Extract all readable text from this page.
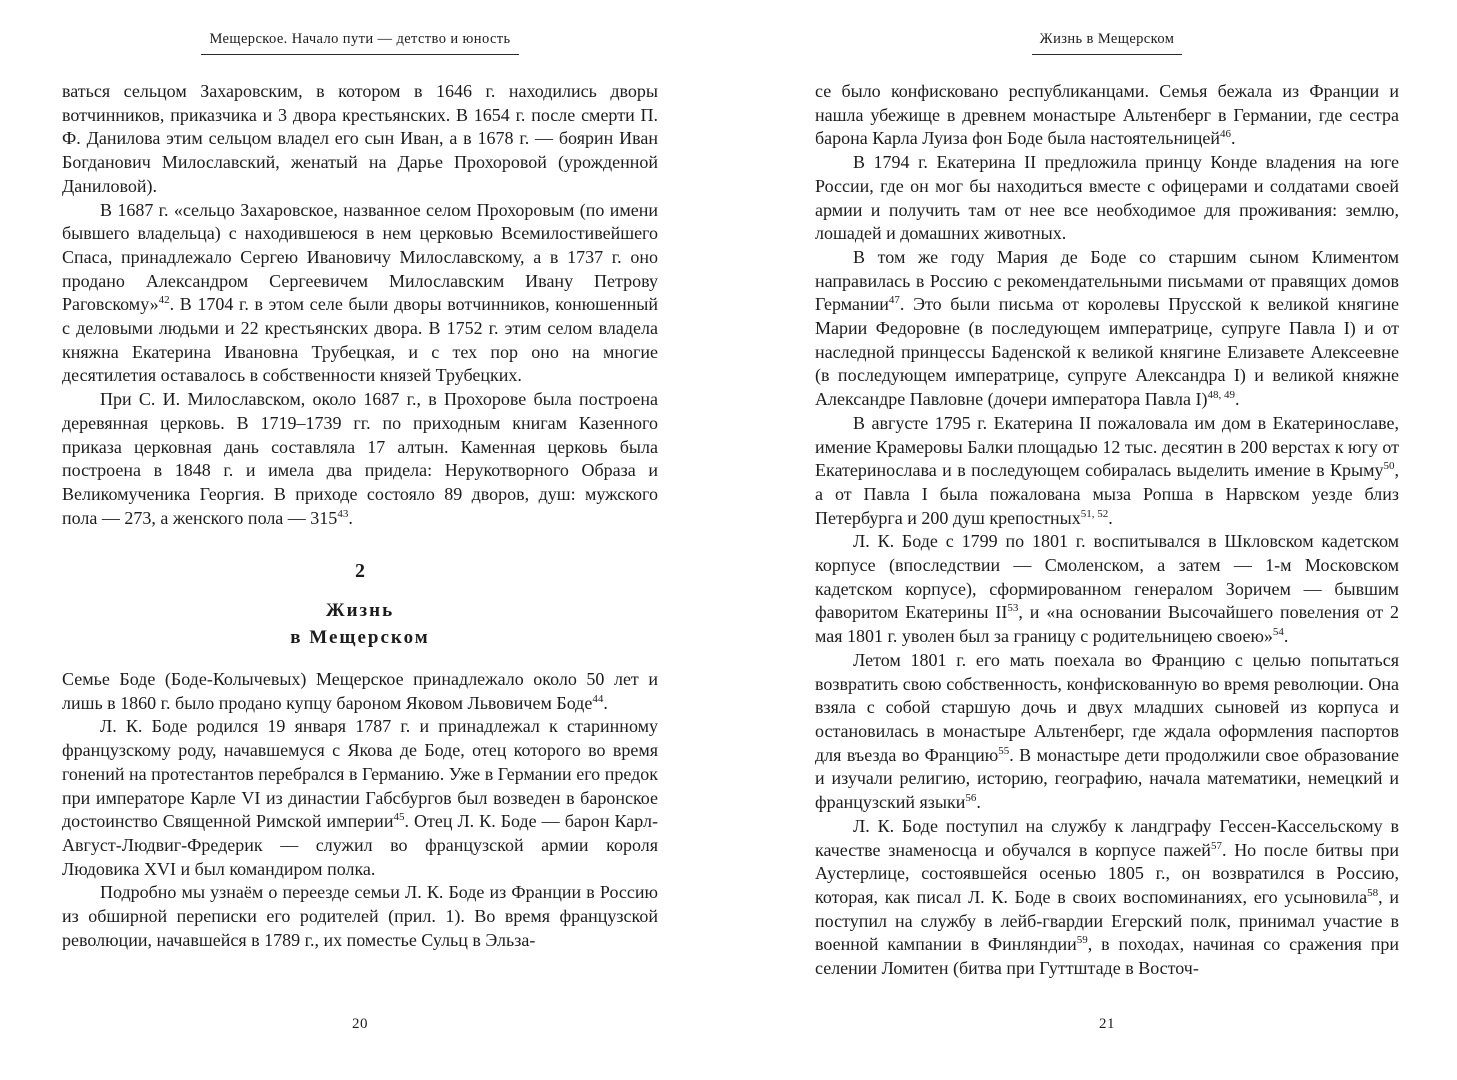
Мещерское. Начало пути — детство и юность

ваться сельцом Захаровским, в котором в 1646 г. находились дворы вотчинников, приказчика и 3 двора крестьянских. В 1654 г. после смерти П. Ф. Данилова этим сельцом владел его сын Иван, а в 1678 г. — боярин Иван Богданович Милославский, женатый на Дарье Прохоровой (урожденной Даниловой).

В 1687 г. «сельцо Захаровское, названное селом Прохоровым (по имени бывшего владельца) с находившеюся в нем церковью Всемилостивейшего Спаса, принадлежало Сергею Ивановичу Милославскому, а в 1737 г. оно продано Александром Сергеевичем Милославским Ивану Петрову Раговскому»$^{42}$. В 1704 г. в этом селе были дворы вотчинников, конюшенный с деловыми людьми и 22 крестьянских двора. В 1752 г. этим селом владела княжна Екатерина Ивановна Трубецкая, и с тех пор оно на многие десятилетия оставалось в собственности князей Трубецких.

При С. И. Милославском, около 1687 г., в Прохорове была построена деревянная церковь. В 1719–1739 гг. по приходным книгам Казенного приказа церковная дань составляла 17 алтын. Каменная церковь была построена в 1848 г. и имела два придела: Нерукотворного Образа и Великомученика Георгия. В приходе состояло 89 дворов, душ: мужского пола — 273, а женского пола — 315$^{43}$.

2
Жизнь
в Мещерском

Семье Боде (Боде-Колычевых) Мещерское принадлежало около 50 лет и лишь в 1860 г. было продано купцу бароном Яковом Львовичем Боде$^{44}$.

Л. К. Боде родился 19 января 1787 г. и принадлежал к старинному французскому роду, начавшемуся с Якова де Боде, отец которого во время гонений на протестантов перебрался в Германию. Уже в Германии его предок при императоре Карле VI из династии Габсбургов был возведен в баронское достоинство Священной Римской империи$^{45}$. Отец Л. К. Боде — барон Карл-Август-Людвиг-Фредерик — служил во французской армии короля Людовика XVI и был командиром полка.

Подробно мы узнаём о переезде семьи Л. К. Боде из Франции в Россию из обширной переписки его родителей (прил. 1). Во время французской революции, начавшейся в 1789 г., их поместье Сульц в Эльза-

20
Жизнь в Мещерском

се было конфисковано республиканцами. Семья бежала из Франции и нашла убежище в древнем монастыре Альтенберг в Германии, где сестра барона Карла Луиза фон Боде была настоятельницей$^{46}$.

В 1794 г. Екатерина II предложила принцу Конде владения на юге России, где он мог бы находиться вместе с офицерами и солдатами своей армии и получить там от нее все необходимое для проживания: землю, лошадей и домашних животных.

В том же году Мария де Боде со старшим сыном Климентом направилась в Россию с рекомендательными письмами от правящих домов Германии$^{47}$. Это были письма от королевы Прусской к великой княгине Марии Федоровне (в последующем императрице, супруге Павла I) и от наследной принцессы Баденской к великой княгине Елизавете Алексеевне (в последующем императрице, супруге Александра I) и великой княжне Александре Павловне (дочери императора Павла I)$^{48, 49}$.

В августе 1795 г. Екатерина II пожаловала им дом в Екатеринославе, имение Крамеровы Балки площадью 12 тыс. десятин в 200 верстах к югу от Екатеринослава и в последующем собиралась выделить имение в Крыму$^{50}$, а от Павла I была пожалована мыза Ропша в Нарвском уезде близ Петербурга и 200 душ крепостных$^{51, 52}$.

Л. К. Боде с 1799 по 1801 г. воспитывался в Шкловском кадетском корпусе (впоследствии — Смоленском, а затем — 1-м Московском кадетском корпусе), сформированном генералом Зоричем — бывшим фаворитом Екатерины II$^{53}$, и «на основании Высочайшего повеления от 2 мая 1801 г. уволен был за границу с родительницею своею»$^{54}$.

Летом 1801 г. его мать поехала во Францию с целью попытаться возвратить свою собственность, конфискованную во время революции. Она взяла с собой старшую дочь и двух младших сыновей из корпуса и остановилась в монастыре Альтенберг, где ждала оформления паспортов для въезда во Францию$^{55}$. В монастыре дети продолжили свое образование и изучали религию, историю, географию, начала математики, немецкий и французский языки$^{56}$.

Л. К. Боде поступил на службу к ландграфу Гессен-Кассельскому в качестве знаменосца и обучался в корпусе пажей$^{57}$. Но после битвы при Аустерлице, состоявшейся осенью 1805 г., он возвратился в Россию, которая, как писал Л. К. Боде в своих воспоминаниях, его усыновила$^{58}$, и поступил на службу в лейб-гвардии Егерский полк, принимал участие в военной кампании в Финляндии$^{59}$, в походах, начиная со сражения при селении Ломитен (битва при Гуттштаде в Восточ-

21
